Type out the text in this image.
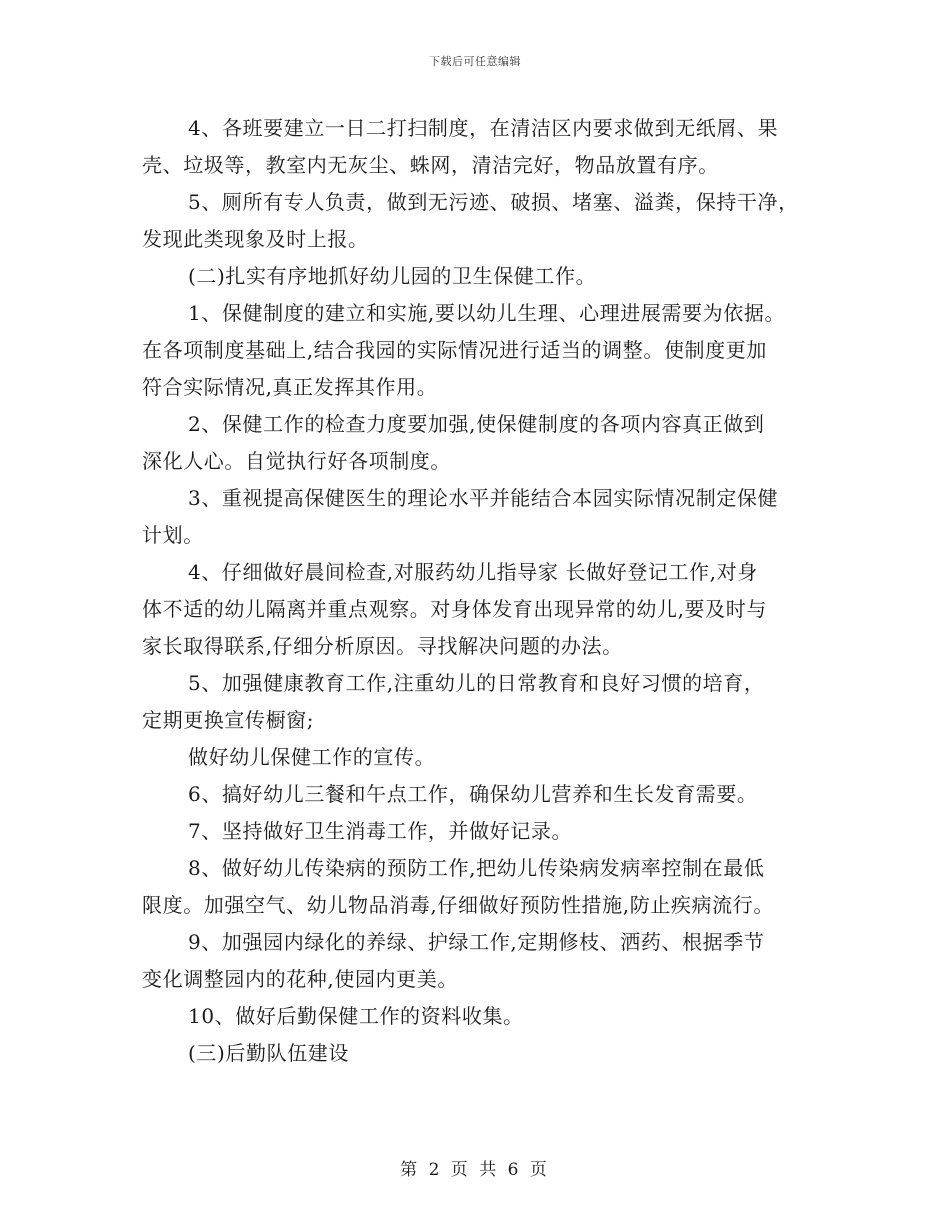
下载后可任意编辑
4、各班要建立一日二打扫制度，在清洁区内要求做到无纸屑、果
壳、垃圾等，教室内无灰尘、蛛网，清洁完好，物品放置有序。
5、厕所有专人负责，做到无污迹、破损、堵塞、溢粪，保持干净，
发现此类现象及时上报。
(二)扎实有序地抓好幼儿园的卫生保健工作。
1、保健制度的建立和实施,要以幼儿生理、心理进展需要为依据。
在各项制度基础上,结合我园的实际情况进行适当的调整。使制度更加
符合实际情况,真正发挥其作用。
2、保健工作的检查力度要加强,使保健制度的各项内容真正做到
深化人心。自觉执行好各项制度。
3、重视提高保健医生的理论水平并能结合本园实际情况制定保健
计划。
4、仔细做好晨间检查,对服药幼儿指导家 长做好登记工作,对身
体不适的幼儿隔离并重点观察。对身体发育出现异常的幼儿,要及时与
家长取得联系,仔细分析原因。寻找解决问题的办法。
5、加强健康教育工作,注重幼儿的日常教育和良好习惯的培育，
定期更换宣传橱窗;
做好幼儿保健工作的宣传。
6、搞好幼儿三餐和午点工作，确保幼儿营养和生长发育需要。
7、坚持做好卫生消毒工作，并做好记录。
8、做好幼儿传染病的预防工作,把幼儿传染病发病率控制在最低
限度。加强空气、幼儿物品消毒,仔细做好预防性措施,防止疾病流行。
9、加强园内绿化的养绿、护绿工作,定期修枝、洒药、根据季节
变化调整园内的花种,使园内更美。
10、做好后勤保健工作的资料收集。
(三)后勤队伍建设
第 2 页 共 6 页
